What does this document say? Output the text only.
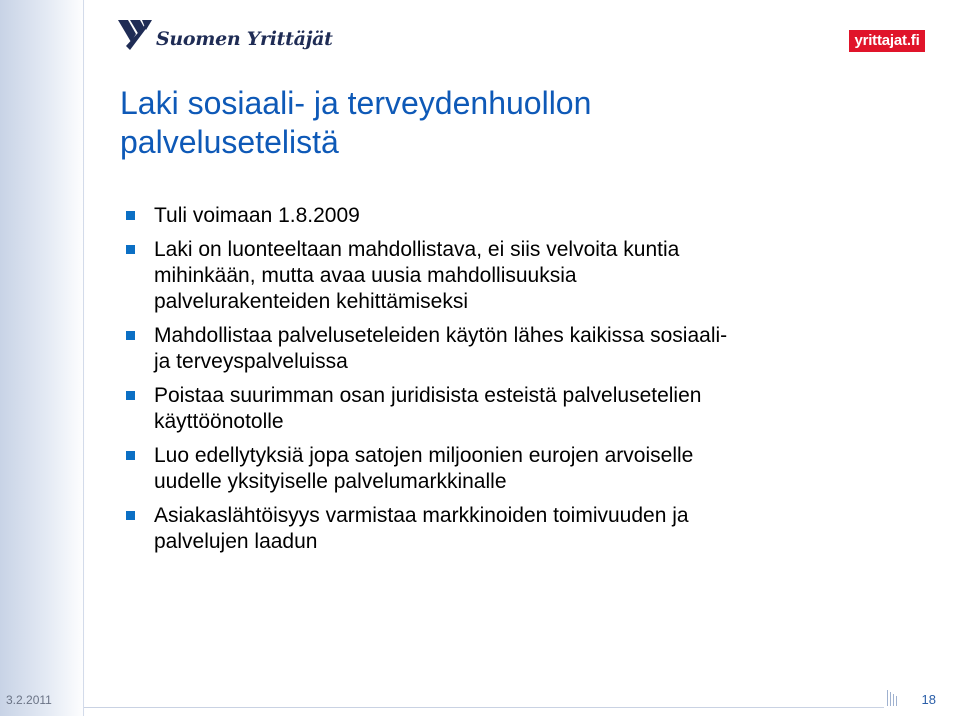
Suomen Yrittäjät	yrittajat.fi
Laki sosiaali- ja terveydenhuollon
palvelusetelistä
Tuli voimaan 1.8.2009
Laki on luonteeltaan mahdollistava, ei siis velvoita kuntia
mihinkään, mutta avaa uusia mahdollisuuksia
palvelurakenteiden kehittämiseksi
Mahdollistaa palveluseteleiden käytön lähes kaikissa sosiaali-
ja terveyspalveluissa
Poistaa suurimman osan juridisista esteistä palvelusetelien
käyttöönotolle
Luo edellytyksiä jopa satojen miljoonien eurojen arvoiselle
uudelle yksityiselle palvelumarkkinalle
Asiakaslähtöisyys varmistaa markkinoiden toimivuuden ja
palvelujen laadun
3.2.2011	18
